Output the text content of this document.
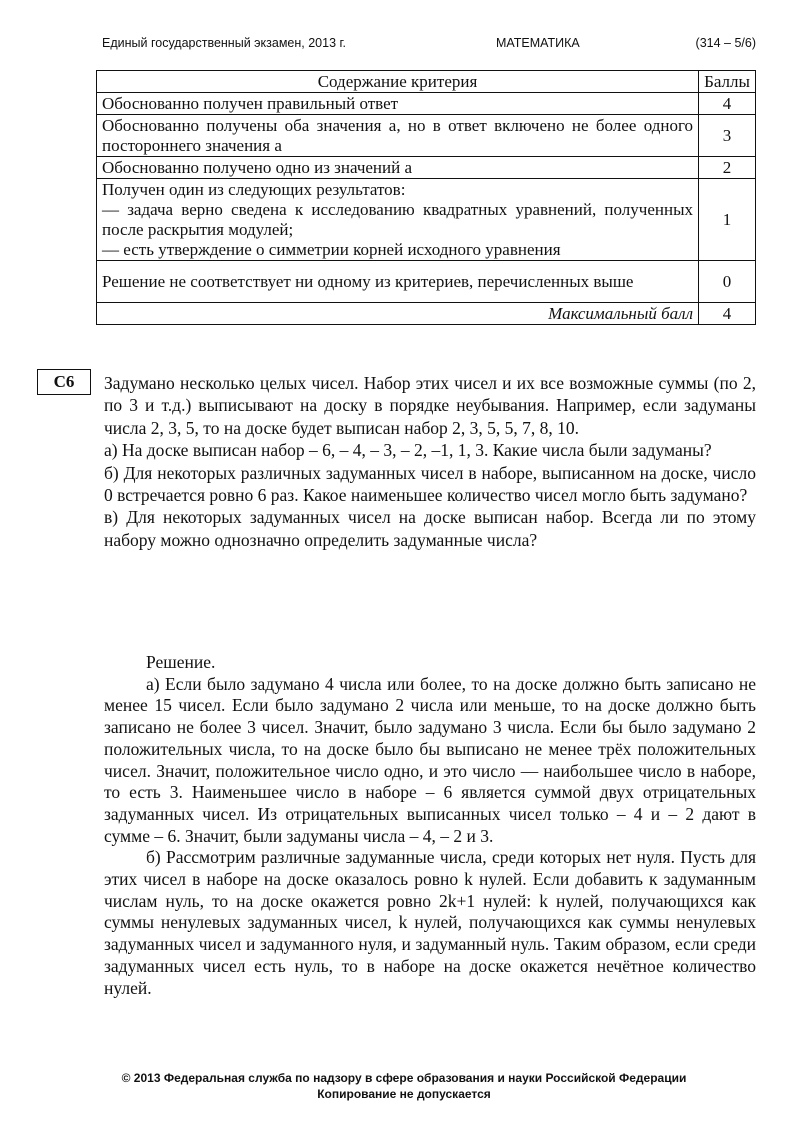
Единый государственный экзамен, 2013 г.	МАТЕМАТИКА	(314 – 5/6)
Содержание критерия	Баллы
Обоснованно получен правильный ответ	4
Обоснованно получены оба значения a, но в ответ включено не более одного постороннего значения a	3
Обоснованно получено одно из значений a	2

Получен один из следующих результатов:
— задача верно сведена к исследованию квадратных уравнений, полученных после раскрытия модулей;
— есть утверждение о симметрии корней исходного уравнения	1
Решение не соответствует ни одному из критериев, перечисленных выше	0
Максимальный балл	4
С6	Задумано несколько целых чисел. Набор этих чисел и их все возможные суммы (по 2, по 3 и т.д.) выписывают на доску в порядке неубывания. Например, если задуманы числа 2, 3, 5, то на доске будет выписан набор 2, 3, 5, 5, 7, 8, 10.

а) На доске выписан набор – 6, – 4, – 3, – 2, –1, 1, 3. Какие числа были задуманы?

б) Для некоторых различных задуманных чисел в наборе, выписанном на доске, число 0 встречается ровно 6 раз. Какое наименьшее количество чисел могло быть задумано?

в) Для некоторых задуманных чисел на доске выписан набор. Всегда ли по этому набору можно однозначно определить задуманные числа?

Решение.

а) Если было задумано 4 числа или более, то на доске должно быть записано не менее 15 чисел. Если было задумано 2 числа или меньше, то на доске должно быть записано не более 3 чисел. Значит, было задумано 3 числа. Если бы было задумано 2 положительных числа, то на доске было бы выписано не менее трёх положительных чисел. Значит, положительное число одно, и это число — наибольшее число в наборе, то есть 3. Наименьшее число в наборе – 6 является суммой двух отрицательных задуманных чисел. Из отрицательных выписанных чисел только – 4 и – 2 дают в сумме – 6. Значит, были задуманы числа – 4, – 2 и 3.

б) Рассмотрим различные задуманные числа, среди которых нет нуля. Пусть для этих чисел в наборе на доске оказалось ровно k нулей. Если добавить к задуманным числам нуль, то на доске окажется ровно 2k+1 нулей: k нулей, получающихся как суммы ненулевых задуманных чисел, k нулей, получающихся как суммы ненулевых задуманных чисел и задуманного нуля, и задуманный нуль. Таким образом, если среди задуманных чисел есть нуль, то в наборе на доске окажется нечётное количество нулей.

© 2013 Федеральная служба по надзору в сфере образования и науки Российской Федерации
Копирование не допускается
